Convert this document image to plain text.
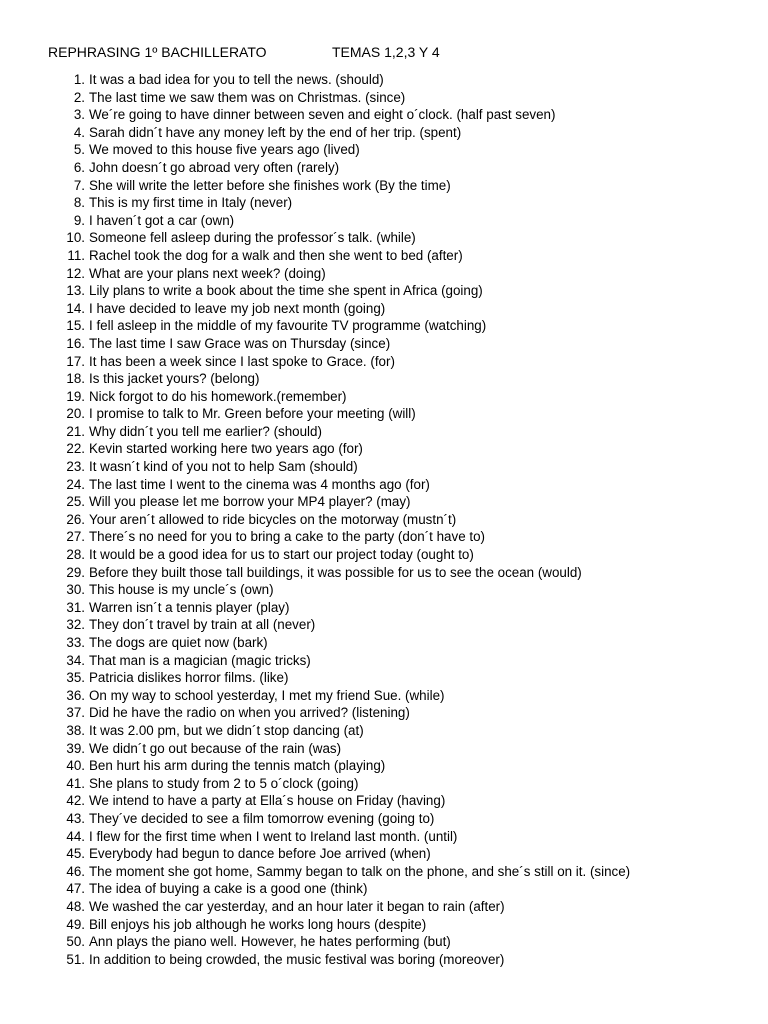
REPHRASING 1º BACHILLERATO	TEMAS 1,2,3 Y 4
1. It was a bad idea for you to tell the news. (should)
2. The last time we saw them was on Christmas. (since)
3. We´re going to have dinner between seven and eight o´clock. (half past seven)
4. Sarah didn´t have any money left by the end of her trip. (spent)
5. We moved to this house five years ago (lived)
6. John doesn´t go abroad very often (rarely)
7. She will write the letter before she finishes work (By the time)
8. This is my first time in Italy (never)
9. I haven´t got a car (own)
10. Someone fell asleep during the professor´s talk. (while)
11. Rachel took the dog for a walk and then she went to bed (after)
12. What are your plans next week? (doing)
13. Lily plans to write a book about the time she spent in Africa (going)
14. I have decided to leave my job next month (going)
15. I fell asleep in the middle of my favourite TV programme (watching)
16. The last time I saw Grace was on Thursday (since)
17. It has been a week since I last spoke to Grace. (for)
18. Is this jacket yours? (belong)
19. Nick forgot to do his homework.(remember)
20. I promise to talk to Mr. Green before your meeting (will)
21. Why didn´t you tell me earlier? (should)
22. Kevin started working here two years ago (for)
23. It wasn´t kind of you not to help Sam (should)
24. The last time I went to the cinema was 4 months ago (for)
25. Will you please let me borrow your MP4 player? (may)
26. Your aren´t allowed to ride bicycles on the motorway (mustn´t)
27. There´s no need for you to bring a cake to the party (don´t have to)
28. It would be a good idea for us to start our project today (ought to)
29. Before they built those tall buildings, it was possible for us to see the ocean (would)
30. This house is my uncle´s (own)
31. Warren isn´t a tennis player (play)
32. They don´t travel by train at all (never)
33. The dogs are quiet now (bark)
34. That man is a magician (magic tricks)
35. Patricia dislikes horror films. (like)
36. On my way to school yesterday, I met my friend Sue. (while)
37. Did he have the radio on when you arrived? (listening)
38. It was 2.00 pm, but we didn´t stop dancing (at)
39. We didn´t go out because of the rain (was)
40. Ben hurt his arm during the tennis match (playing)
41. She plans to study from 2 to 5 o´clock (going)
42. We intend to have a party at Ella´s house on Friday (having)
43. They´ve decided to see a film tomorrow evening (going to)
44. I flew for the first time when I went to Ireland last month. (until)
45. Everybody had begun to dance before Joe arrived (when)
46. The moment she got home, Sammy began to talk on the phone, and she´s still on it. (since)
47. The idea of buying a cake is a good one (think)
48. We washed the car yesterday, and an hour later it began to rain (after)
49. Bill enjoys his job although he works long hours (despite)
50. Ann plays the piano well. However, he hates performing (but)
51. In addition to being crowded, the music festival was boring (moreover)
